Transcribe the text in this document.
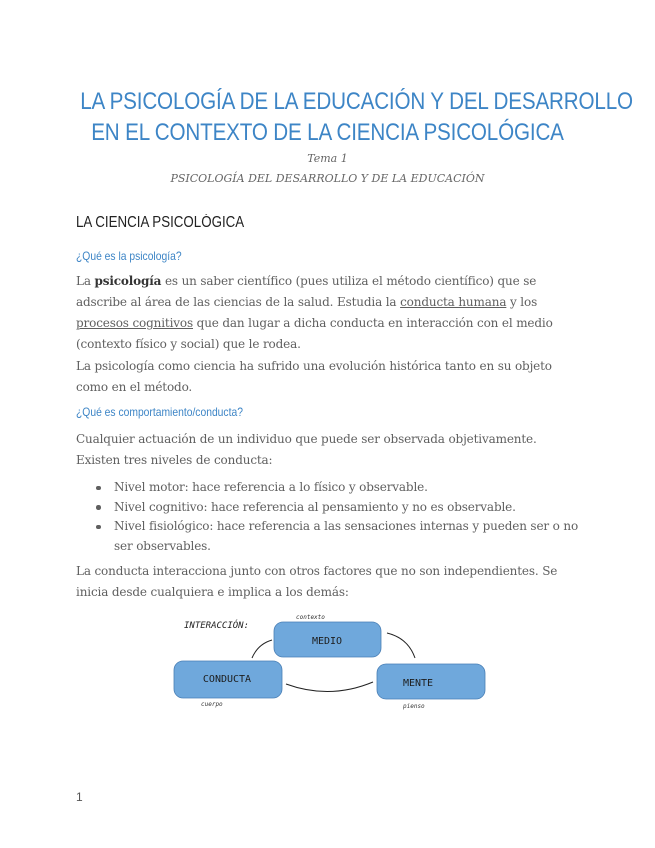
LA PSICOLOGÍA DE LA EDUCACIÓN Y DEL DESARROLLO
EN EL CONTEXTO DE LA CIENCIA PSICOLÓGICA
Tema 1
PSICOLOGÍA DEL DESARROLLO Y DE LA EDUCACIÓN
LA CIENCIA PSICOLÓGICA
¿Qué es la psicología?
La psicología es un saber científico (pues utiliza el método científico) que se adscribe al área de las ciencias de la salud. Estudia la conducta humana y los procesos cognitivos que dan lugar a dicha conducta en interacción con el medio (contexto físico y social) que le rodea.
La psicología como ciencia ha sufrido una evolución histórica tanto en su objeto como en el método.
¿Qué es comportamiento/conducta?
Cualquier actuación de un individuo que puede ser observada objetivamente. Existen tres niveles de conducta:
Nivel motor: hace referencia a lo físico y observable.
Nivel cognitivo: hace referencia al pensamiento y no es observable.
Nivel fisiológico: hace referencia a las sensaciones internas y pueden ser o no ser observables.
La conducta interacciona junto con otros factores que no son independientes. Se inicia desde cualquiera e implica a los demás:
INTERACCIÓN:
contexto
MEDIO
CONDUCTA
cuerpo
MENTE
pienso
1
